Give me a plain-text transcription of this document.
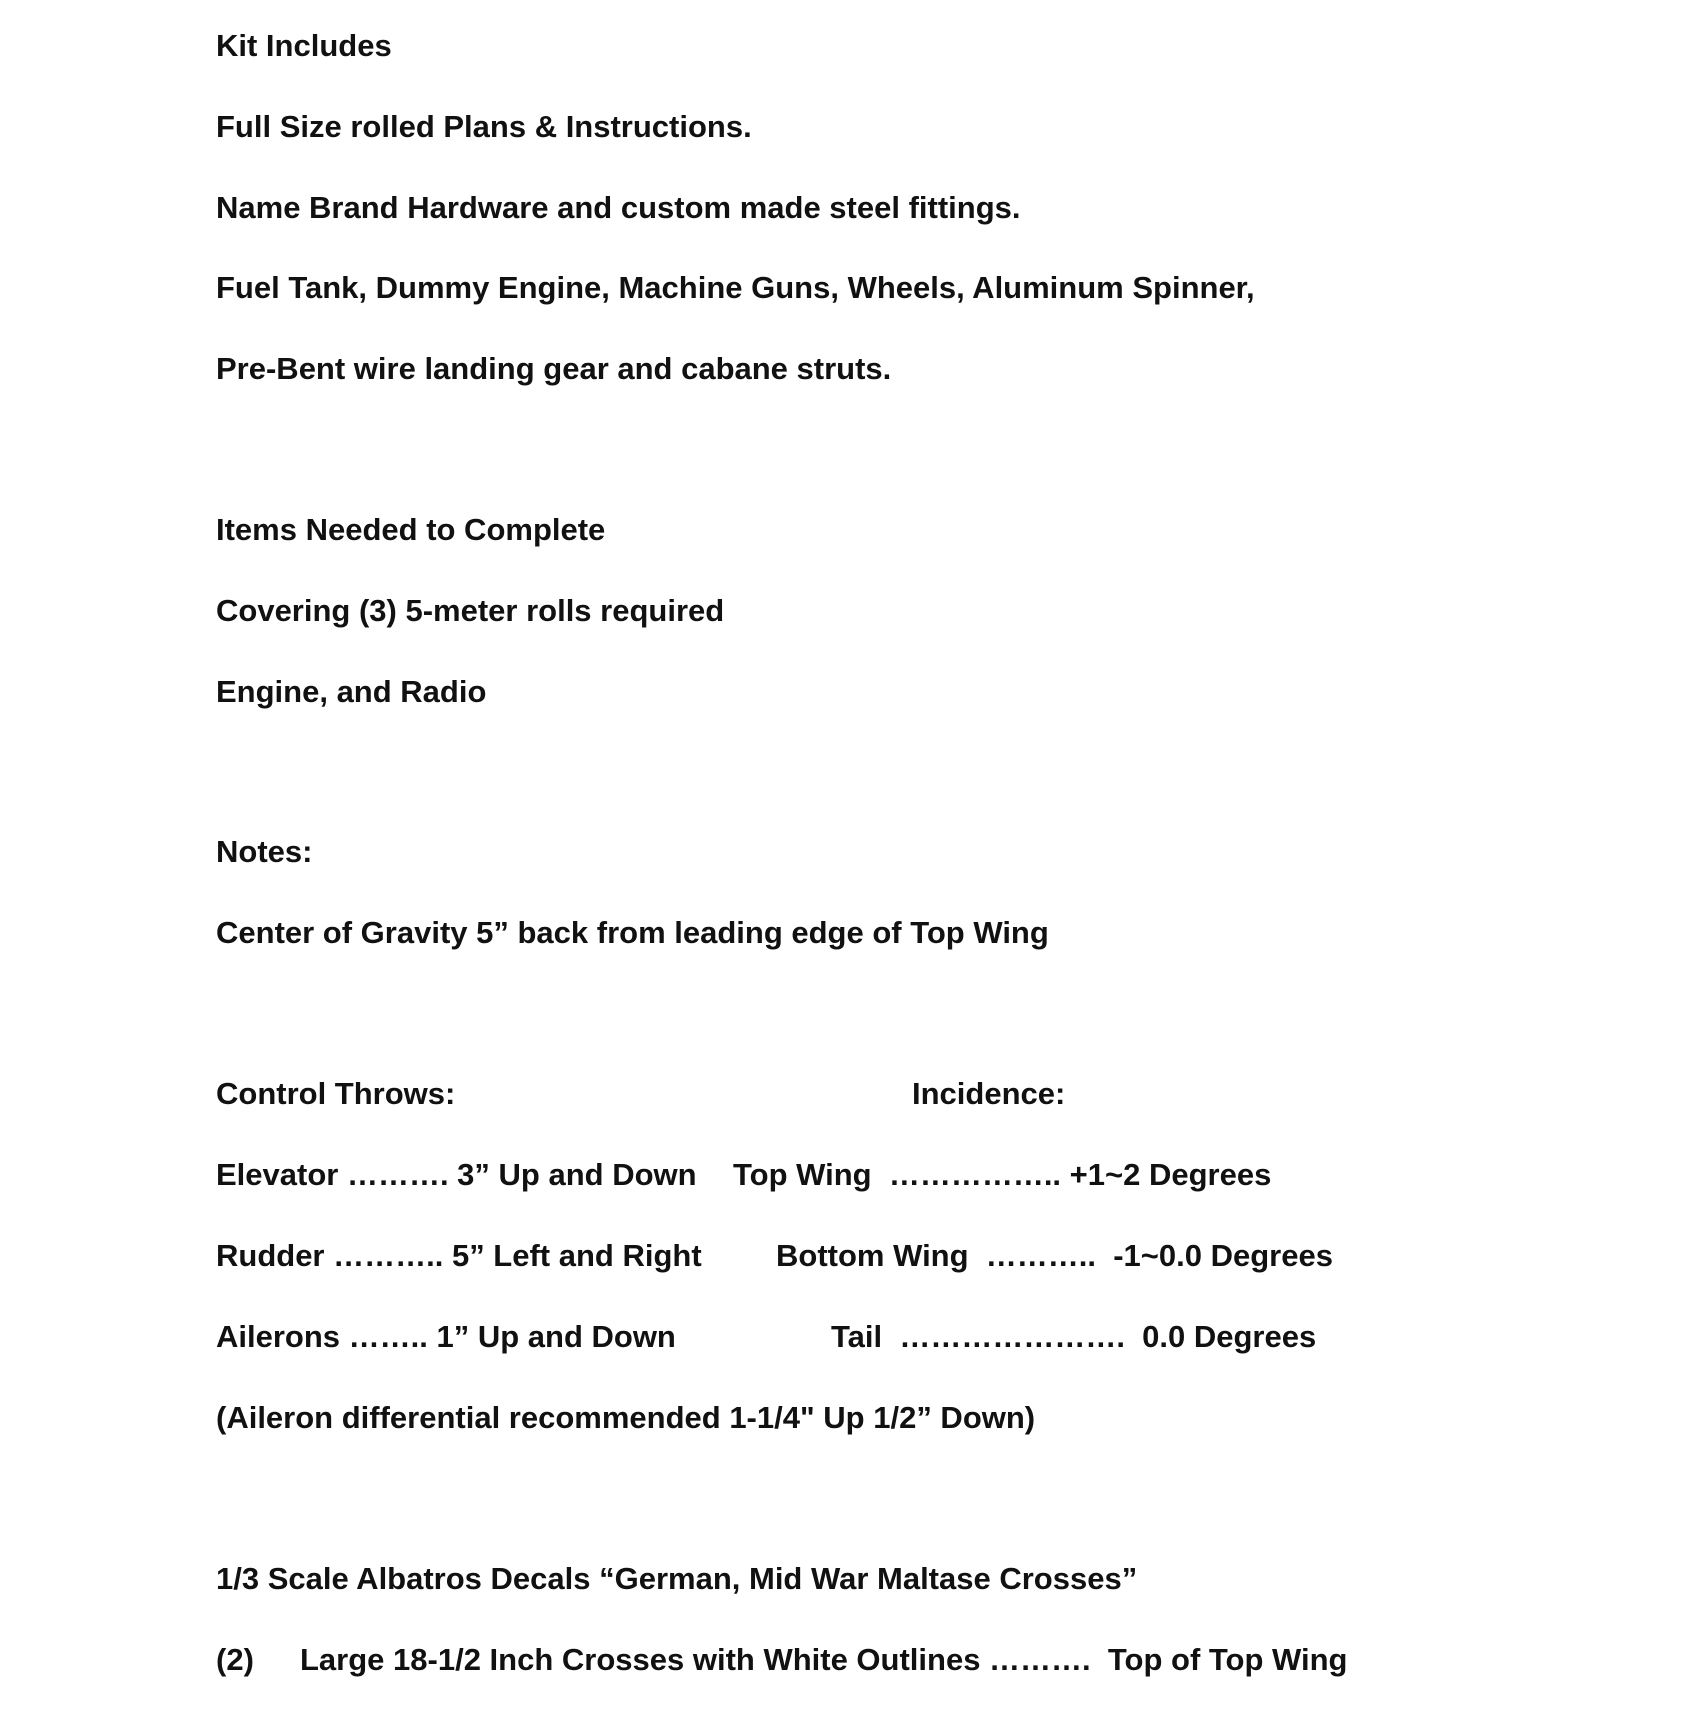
Kit Includes
Full Size rolled Plans & Instructions.
Name Brand Hardware and custom made steel fittings.
Fuel Tank, Dummy Engine, Machine Guns, Wheels, Aluminum Spinner,
Pre-Bent wire landing gear and cabane struts.
Items Needed to Complete
Covering (3) 5-meter rolls required
Engine, and Radio
Notes:
Center of Gravity 5” back from leading edge of Top Wing
Control Throws:	Incidence:
Elevator ………. 3” Up and Down Top Wing  …………….. +1~2 Degrees
Rudder ……….. 5” Left and Right Bottom Wing  ………..  -1~0.0 Degrees
Ailerons …….. 1” Up and Down	Tail  ………………….  0.0 Degrees
(Aileron differential recommended 1-1/4" Up 1/2” Down)
1/3 Scale Albatros Decals “German, Mid War Maltase Crosses”
(2) Large 18-1/2 Inch Crosses with White Outlines ……….  Top of Top Wing
